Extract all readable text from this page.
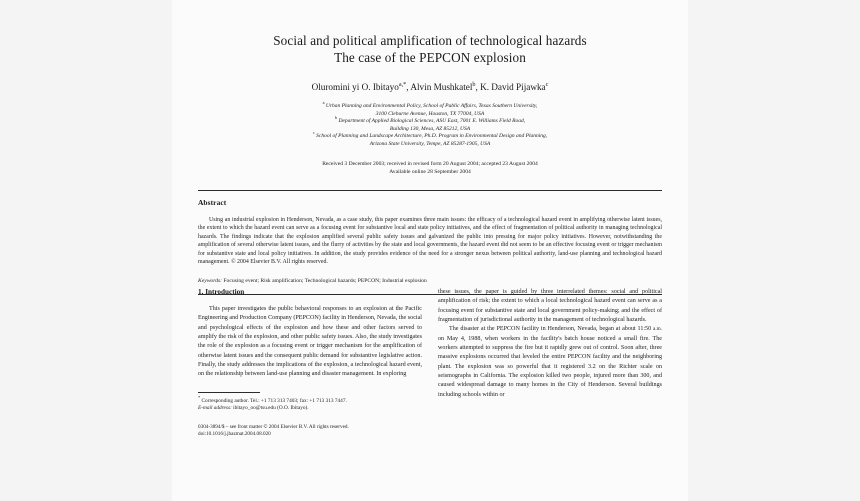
Social and political amplification of technological hazards
The case of the PEPCON explosion
Oluromini yi O. Ibitayo$^{a,*}$, Alvin Mushkatel$^b$, K. David Pijawka$^c$
$^a$ Urban Planning and Environmental Policy, School of Public Affairs, Texas Southern University,
3100 Cleburne Avenue, Houston, TX 77004, USA
$^b$ Department of Applied Biological Sciences, ASU East, 7001 E. Williams Field Road,
Building 130, Mesa, AZ 85212, USA
$^c$ School of Planning and Landscape Architecture, Ph.D. Program in Environmental Design and Planning,
Arizona State University, Tempe, AZ 85287-1905, USA
Received 3 December 2003; received in revised form 20 August 2004; accepted 23 August 2004
Available online 28 September 2004
Abstract
Using an industrial explosion in Henderson, Nevada, as a case study, this paper examines three main issues: the efficacy of a technological hazard event in amplifying otherwise latent issues, the extent to which the hazard event can serve as a focusing event for substantive local and state policy initiatives, and the effect of fragmentation of political authority in managing technological hazards. The findings indicate that the explosion amplified several public safety issues and galvanized the public into pressing for major policy initiatives. However, notwithstanding the amplification of several otherwise latent issues, and the flurry of activities by the state and local governments, the hazard event did not seem to be an effective focusing event or trigger mechanism for substantive state and local policy initiatives. In addition, the study provides evidence of the need for a stronger nexus between political authority, land-use planning and technological hazard management. © 2004 Elsevier B.V. All rights reserved.
Keywords: Focusing event; Risk amplification; Technological hazards; PEPCON; Industrial explosion
1. Introduction
This paper investigates the public behavioral responses to an explosion at the Pacific Engineering and Production Company (PEPCON) facility in Henderson, Nevada, the social and psychological effects of the explosion and how these and other factors served to amplify the risk of the explosion, and other public safety issues. Also, the study investigates the role of the explosion as a focusing event or trigger mechanism for the amplification of otherwise latent issues and the consequent public demand for substantive legislative action. Finally, the study addresses the implications of the explosion, a technological hazard event, on the relationship between land-use planning and disaster management. In exploring
* Corresponding author. Tel.: +1 713 313 7403; fax: +1 713 313 7447.
E-mail address: ibitayo_oo@tsu.edu (O.O. Ibitayo).
0304-3894/$ – see front matter © 2004 Elsevier B.V. All rights reserved.
doi:10.1016/j.jhazmat.2004.08.020
these issues, the paper is guided by three interrelated themes: social and political amplification of risk; the extent to which a local technological hazard event can serve as a focusing event for substantive state and local government policy-making; and the effect of fragmentation of jurisdictional authority in the management of technological hazards.
The disaster at the PEPCON facility in Henderson, Nevada, began at about 11:50 a.m. on May 4, 1988, when workers in the facility's batch house noticed a small fire. The workers attempted to suppress the fire but it rapidly grew out of control. Soon after, three massive explosions occurred that leveled the entire PEPCON facility and the neighboring plant. The explosion was so powerful that it registered 3.2 on the Richter scale on seismographs in California. The explosion killed two people, injured more than 300, and caused widespread damage to many homes in the City of Henderson. Several buildings including schools within or
